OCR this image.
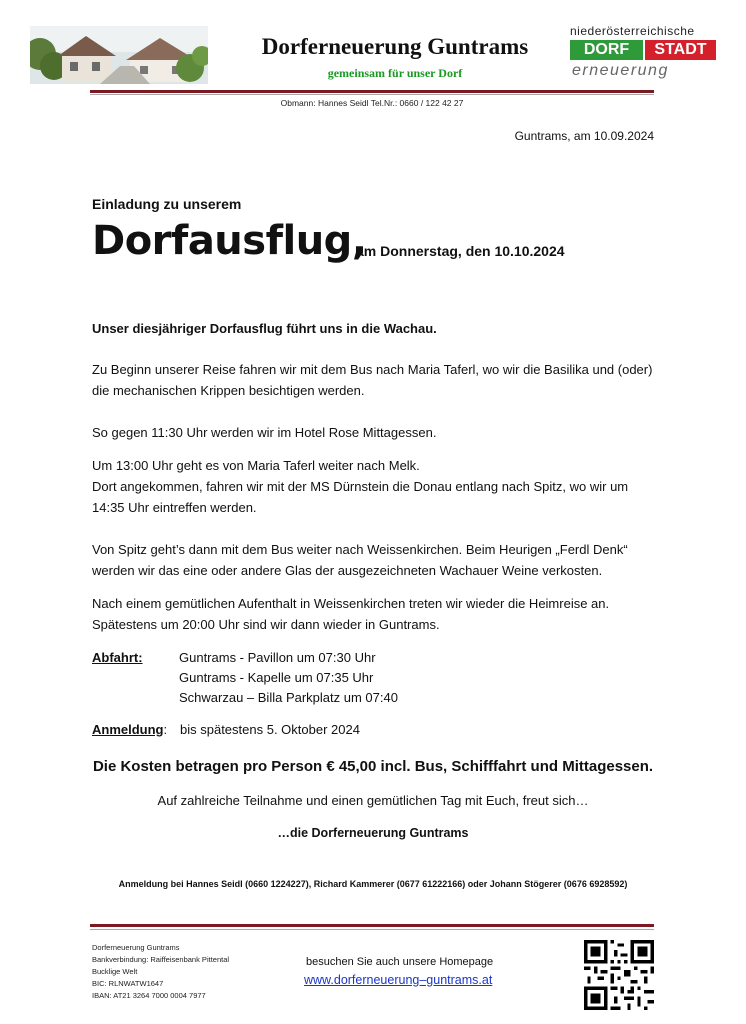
Dorferneuerung Guntrams
gemeinsam für unser Dorf
niederösterreichische
DORF	STADT
erneuerung
Obmann: Hannes Seidl Tel.Nr.: 0660 / 122 42 27
Guntrams, am 10.09.2024
Einladung zu unserem
Dorfausflug,
am Donnerstag, den 10.10.2024
Unser diesjähriger Dorfausflug führt uns in die Wachau.
Zu Beginn unserer Reise fahren wir mit dem Bus nach Maria Taferl, wo wir die Basilika und (oder) die mechanischen Krippen besichtigen werden.
So gegen 11:30 Uhr werden wir im Hotel Rose Mittagessen.
Um 13:00 Uhr geht es von Maria Taferl weiter nach Melk.
Dort angekommen, fahren wir mit der MS Dürnstein die Donau entlang nach Spitz, wo wir um 14:35 Uhr eintreffen werden.
Von Spitz geht’s dann mit dem Bus weiter nach Weissenkirchen. Beim Heurigen „Ferdl Denk“ werden wir das eine oder andere Glas der ausgezeichneten Wachauer Weine verkosten.
Nach einem gemütlichen Aufenthalt in Weissenkirchen treten wir wieder die Heimreise an.
Spätestens um 20:00 Uhr sind wir dann wieder in Guntrams.
Abfahrt:	Guntrams - Pavillon um 07:30 Uhr
Guntrams - Kapelle um 07:35 Uhr
Schwarzau – Billa Parkplatz um 07:40
Anmeldung: bis spätestens 5. Oktober 2024
Die Kosten betragen pro Person € 45,00 incl. Bus, Schifffahrt und Mittagessen.
Auf zahlreiche Teilnahme und einen gemütlichen Tag mit Euch, freut sich…
…die Dorferneuerung Guntrams
Anmeldung bei Hannes Seidl (0660 1224227), Richard Kammerer (0677 61222166) oder Johann Stögerer (0676 6928592)
Dorferneuerung Guntrams
Bankverbindung: Raiffeisenbank Pittental
Bucklige Welt
BIC: RLNWATW1647
IBAN: AT21 3264 7000 0004 7977
besuchen Sie auch unsere Homepage
www.dorferneuerung–guntrams.at
